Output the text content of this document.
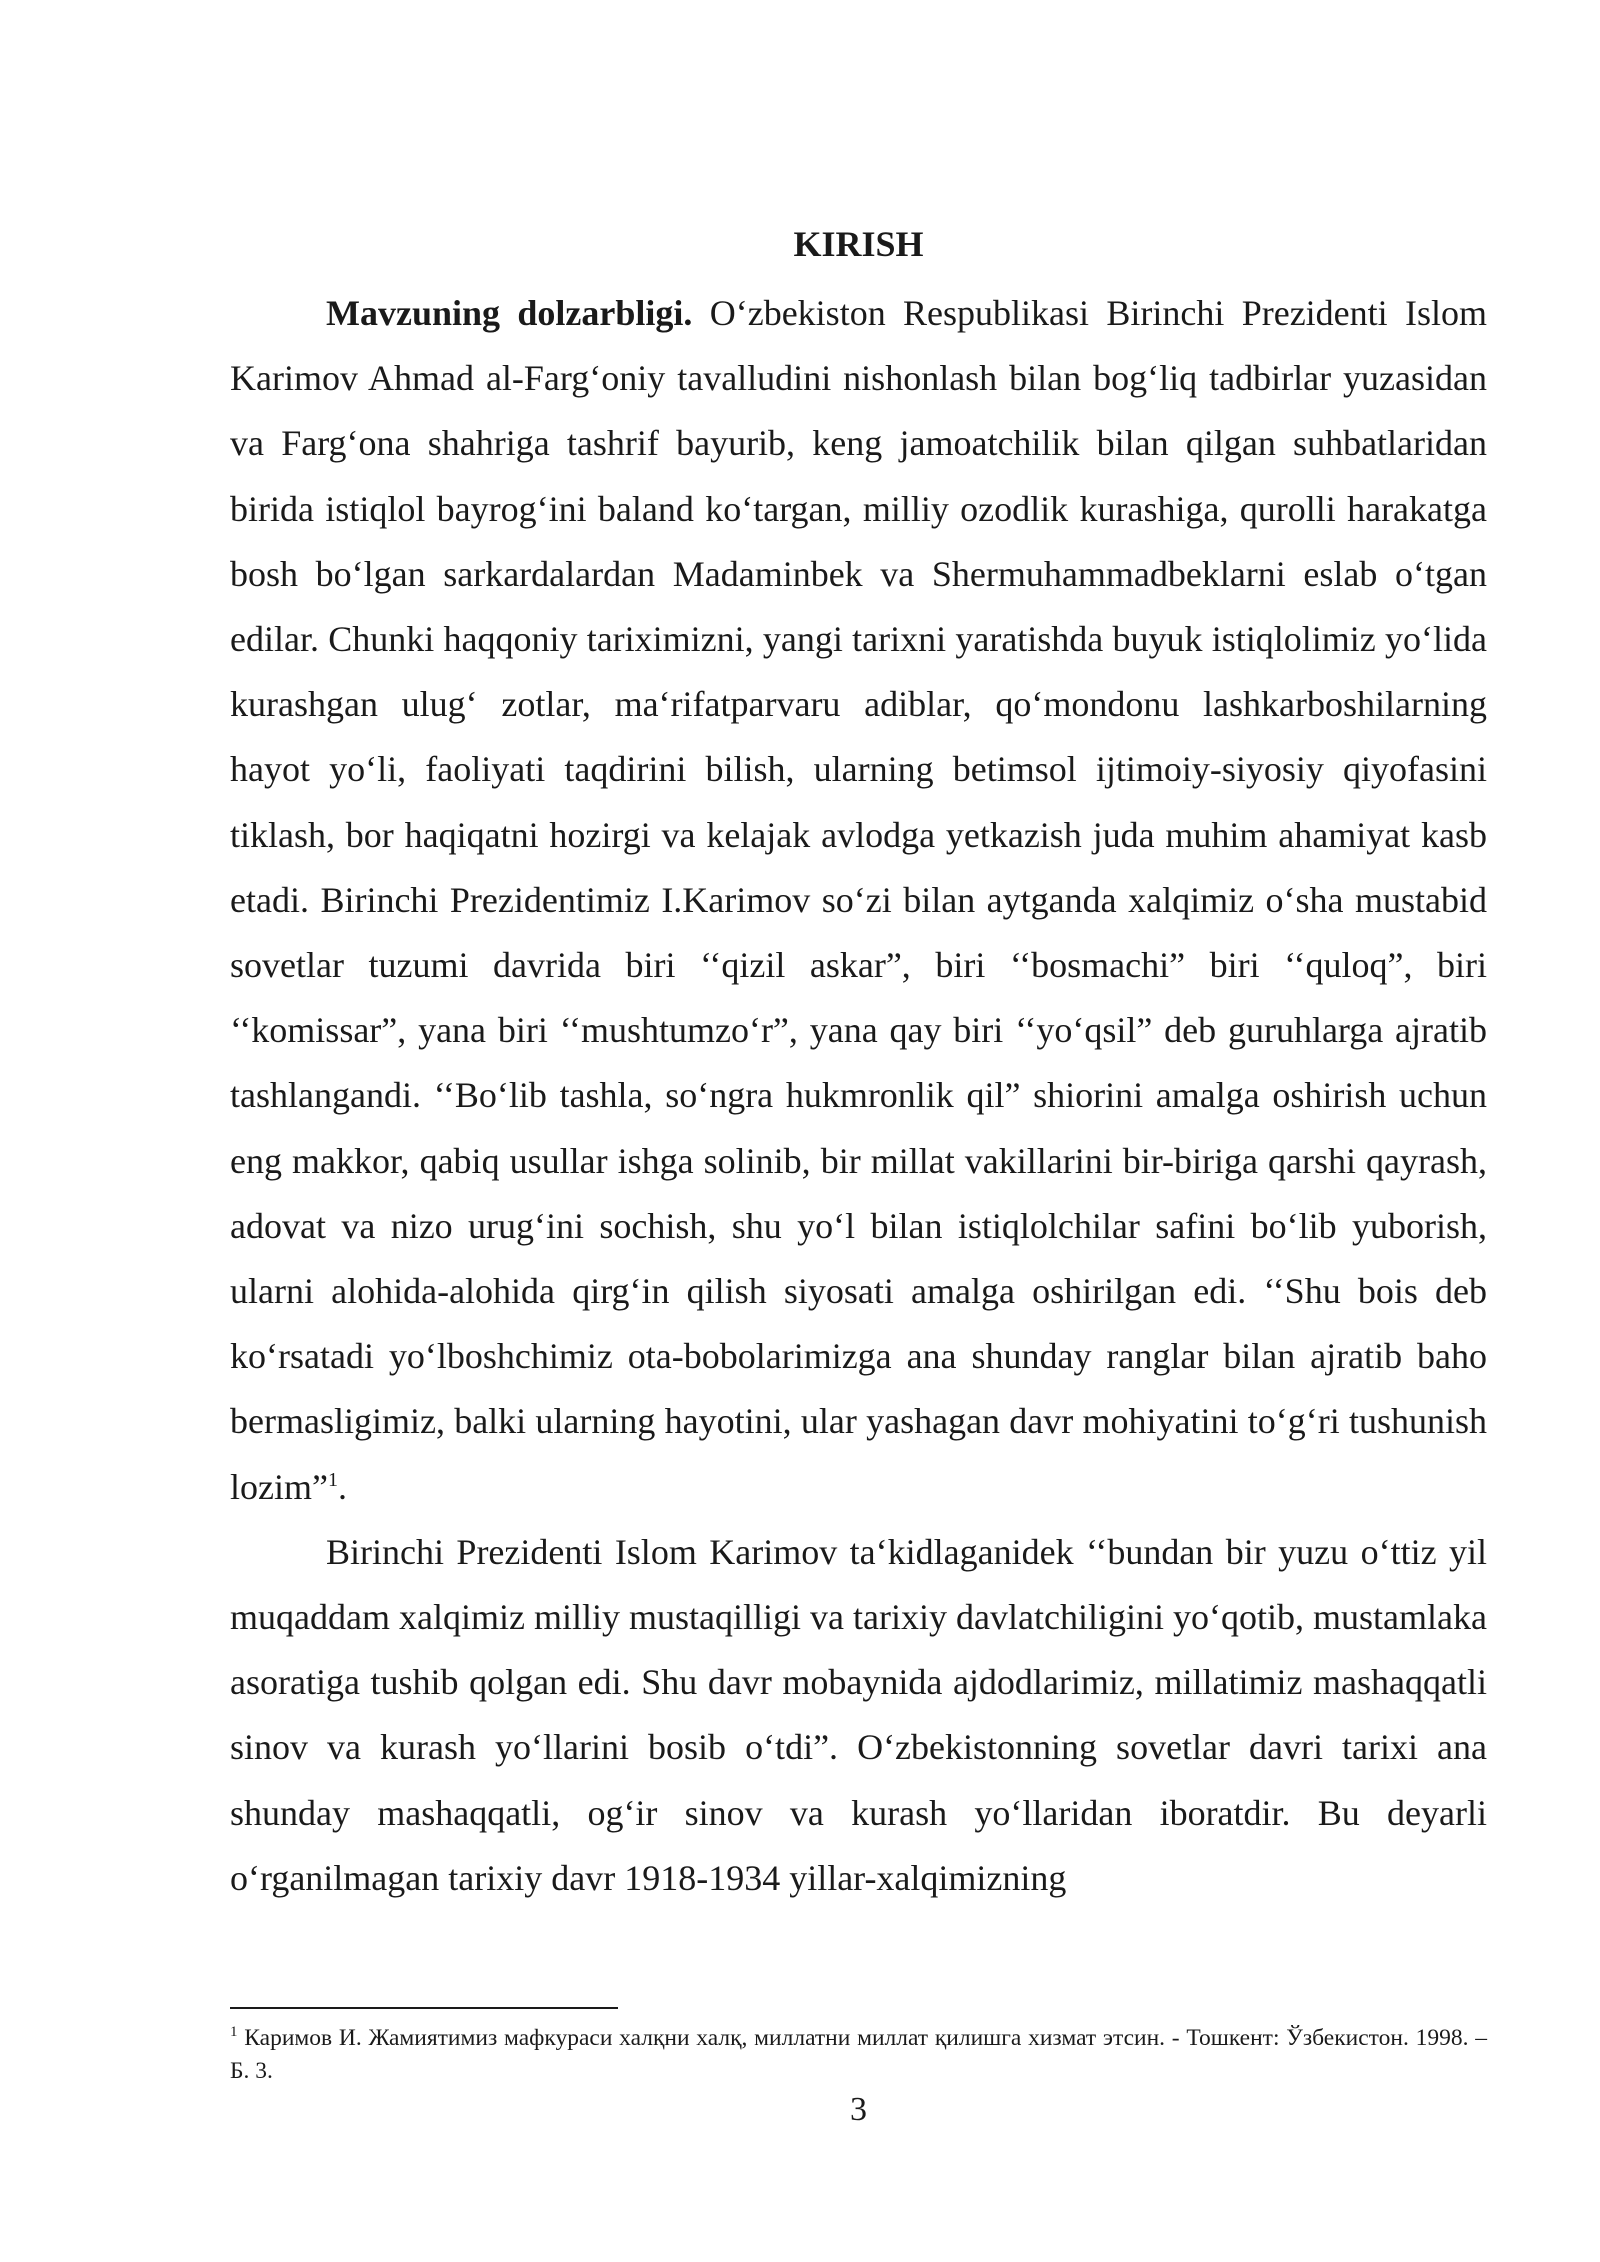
KIRISH

Mavzuning dolzarbligi. O‘zbekiston Respublikasi Birinchi Prezidenti Islom Karimov Ahmad al-Farg‘oniy tavalludini nishonlash bilan bog‘liq tadbirlar yuzasidan va Farg‘ona shahriga tashrif bayurib, keng jamoatchilik bilan qilgan suhbatlaridan birida istiqlol bayrog‘ini baland ko‘targan, milliy ozodlik kurashiga, qurolli harakatga bosh bo‘lgan sarkardalardan Madaminbek va Shermuhammadbeklarni eslab o‘tgan edilar. Chunki haqqoniy tariximizni, yangi tarixni yaratishda buyuk istiqlolimiz yo‘lida kurashgan ulug‘ zotlar, ma‘rifatparvaru adiblar, qo‘mondonu lashkarboshilarning hayot yo‘li, faoliyati taqdirini bilish, ularning betimsol ijtimoiy-siyosiy qiyofasini tiklash, bor haqiqatni hozirgi va kelajak avlodga yetkazish juda muhim ahamiyat kasb etadi. Birinchi Prezidentimiz I.Karimov so‘zi bilan aytganda xalqimiz o‘sha mustabid sovetlar tuzumi davrida biri ‘‘qizil askar”, biri ‘‘bosmachi” biri ‘‘quloq”, biri ‘‘komissar”, yana biri ‘‘mushtumzo‘r”, yana qay biri ‘‘yo‘qsil” deb guruhlarga ajratib tashlangandi. ‘‘Bo‘lib tashla, so‘ngra hukmronlik qil” shiorini amalga oshirish uchun eng makkor, qabiq usullar ishga solinib, bir millat vakillarini bir-biriga qarshi qayrash, adovat va nizo urug‘ini sochish, shu yo‘l bilan istiqlolchilar safini bo‘lib yuborish, ularni alohida-alohida qirg‘in qilish siyosati amalga oshirilgan edi. ‘‘Shu bois deb ko‘rsatadi yo‘lboshchimiz ota-bobolarimizga ana shunday ranglar bilan ajratib baho bermasligimiz, balki ularning hayotini, ular yashagan davr mohiyatini to‘g‘ri tushunish lozim”$^1$.

Birinchi Prezidenti Islom Karimov ta‘kidlaganidek ‘‘bundan bir yuzu o‘ttiz yil muqaddam xalqimiz milliy mustaqilligi va tarixiy davlatchiligini yo‘qotib, mustamlaka asoratiga tushib qolgan edi. Shu davr mobaynida ajdodlarimiz, millatimiz mashaqqatli sinov va kurash yo‘llarini bosib o‘tdi”. O‘zbekistonning sovetlar davri tarixi ana shunday mashaqqatli, og‘ir sinov va kurash yo‘llaridan iboratdir. Bu deyarli o‘rganilmagan tarixiy davr 1918-1934 yillar-xalqimizning

$^1$ Каримов И. Жамиятимиз мафкураси халқни халқ, миллатни миллат қилишга хизмат этсин. - Тошкент: Ўзбекистон. 1998. – Б. 3.

3
